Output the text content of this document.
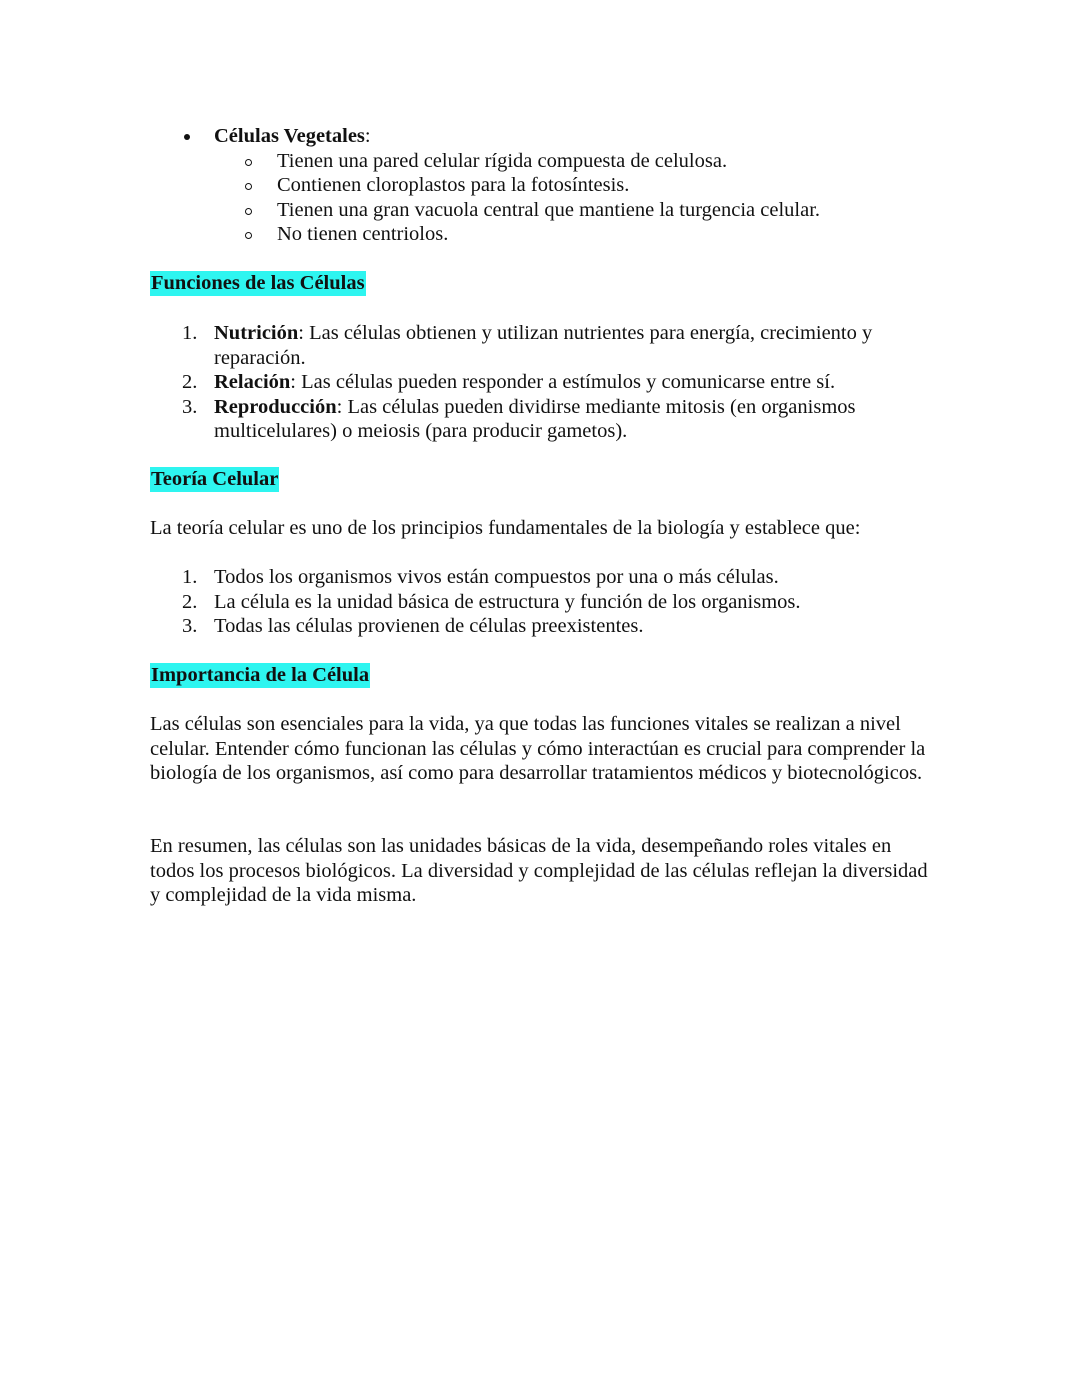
Células Vegetales:
Tienen una pared celular rígida compuesta de celulosa.
Contienen cloroplastos para la fotosíntesis.
Tienen una gran vacuola central que mantiene la turgencia celular.
No tienen centriolos.
Funciones de las Células
1. Nutrición: Las células obtienen y utilizan nutrientes para energía, crecimiento y reparación.
2. Relación: Las células pueden responder a estímulos y comunicarse entre sí.
3. Reproducción: Las células pueden dividirse mediante mitosis (en organismos multicelulares) o meiosis (para producir gametos).
Teoría Celular
La teoría celular es uno de los principios fundamentales de la biología y establece que:
1. Todos los organismos vivos están compuestos por una o más células.
2. La célula es la unidad básica de estructura y función de los organismos.
3. Todas las células provienen de células preexistentes.
Importancia de la Célula
Las células son esenciales para la vida, ya que todas las funciones vitales se realizan a nivel celular. Entender cómo funcionan las células y cómo interactúan es crucial para comprender la biología de los organismos, así como para desarrollar tratamientos médicos y biotecnológicos.
En resumen, las células son las unidades básicas de la vida, desempeñando roles vitales en todos los procesos biológicos. La diversidad y complejidad de las células reflejan la diversidad y complejidad de la vida misma.
